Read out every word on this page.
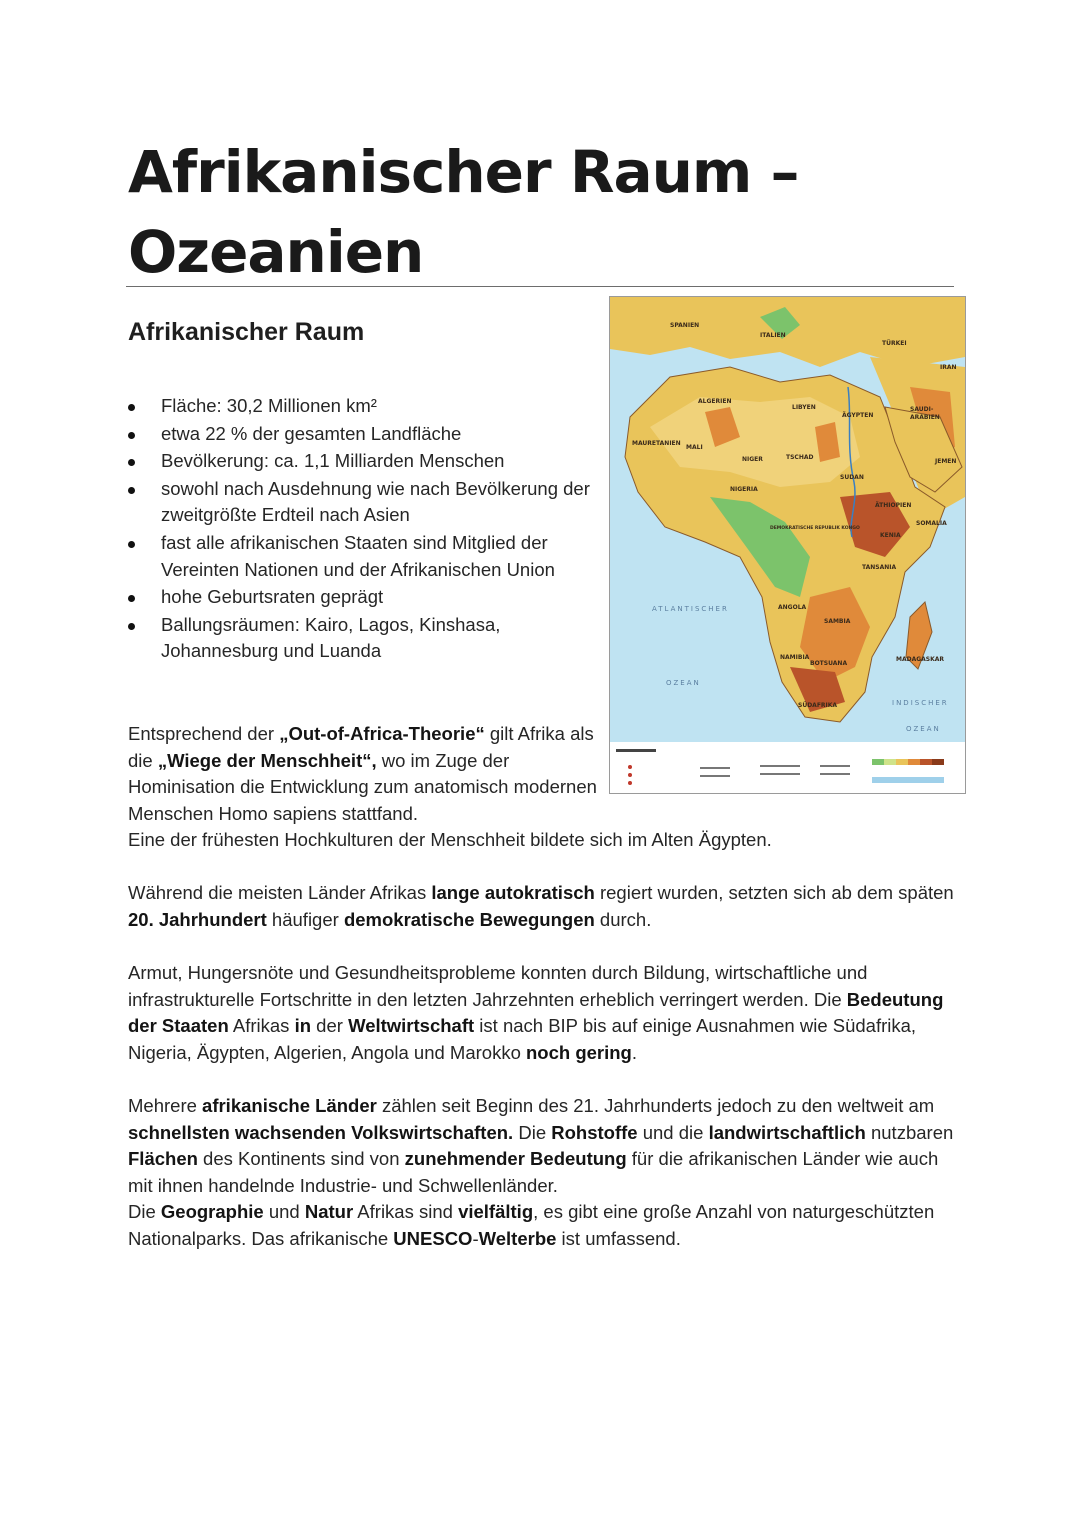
Afrikanischer Raum –
Ozeanien
Afrikanischer Raum
Fläche: 30,2 Millionen km²
etwa 22 % der gesamten Landfläche
Bevölkerung: ca. 1,1 Milliarden Menschen
sowohl nach Ausdehnung wie nach Bevölkerung der zweitgrößte Erdteil nach Asien
fast alle afrikanischen Staaten sind Mitglied der Vereinten Nationen und der Afrikanischen Union
hohe Geburtsraten geprägt
Ballungsräumen: Kairo, Lagos, Kinshasa, Johannesburg und Luanda
SPANIEN
ITALIEN
TÜRKEI
IRAN
ALGERIEN
LIBYEN
ÄGYPTEN
SAUDI-
ARABIEN
JEMEN
MAURETANIEN
MALI
NIGER	TSCHAD
SUDAN
NIGERIA
ÄTHIOPIEN
SOMALIA
DEMOKRATISCHE REPUBLIK KONGO
KENIA
TANSANIA
ANGOLA
SAMBIA
NAMIBIA
BOTSUANA
SÜDAFRIKA
MADAGASKAR
ATLANTISCHER
OZEAN
INDISCHER
OZEAN

Entsprechend der „Out-of-Africa-Theorie“ gilt Afrika als die „Wiege der Menschheit“, wo im Zuge der Hominisation die Entwicklung zum anatomisch modernen Menschen Homo sapiens stattfand.

Eine der frühesten Hochkulturen der Menschheit bildete sich im Alten Ägypten.

Während die meisten Länder Afrikas lange autokratisch regiert wurden, setzten sich ab dem späten 20. Jahrhundert häufiger demokratische Bewegungen durch.

Armut, Hungersnöte und Gesundheitsprobleme konnten durch Bildung, wirtschaftliche und infrastrukturelle Fortschritte in den letzten Jahrzehnten erheblich verringert werden. Die Bedeutung der Staaten Afrikas in der Weltwirtschaft ist nach BIP bis auf einige Ausnahmen wie Südafrika, Nigeria, Ägypten, Algerien, Angola und Marokko noch gering.

Mehrere afrikanische Länder zählen seit Beginn des 21. Jahrhunderts jedoch zu den weltweit am schnellsten wachsenden Volkswirtschaften. Die Rohstoffe und die landwirtschaftlich nutzbaren Flächen des Kontinents sind von zunehmender Bedeutung für die afrikanischen Länder wie auch mit ihnen handelnde Industrie- und Schwellenländer.

Die Geographie und Natur Afrikas sind vielfältig, es gibt eine große Anzahl von naturgeschützten Nationalparks. Das afrikanische UNESCO-Welterbe ist umfassend.
